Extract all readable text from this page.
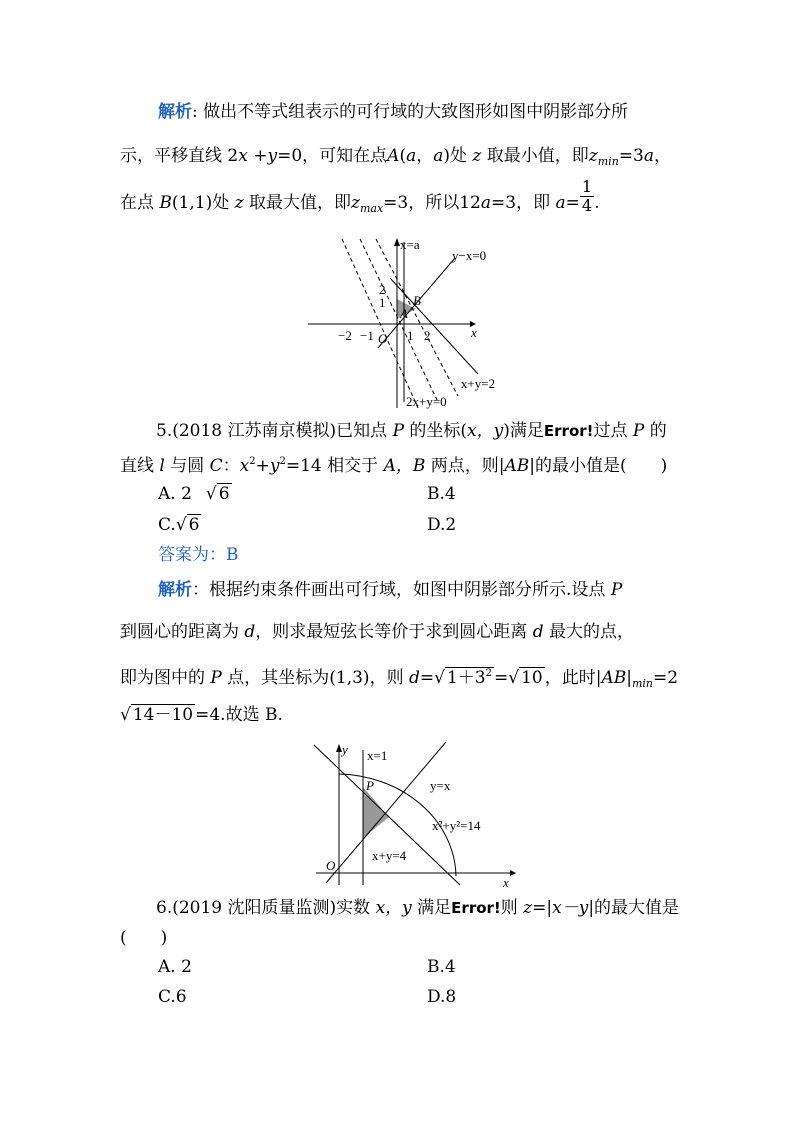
解析: 做出不等式组表示的可行域的大致图形如图中阴影部分所
示，平移直线 2x +y=0，可知在点A(a，a)处 z 取最小值，即$z_{min}=3a$，
在点 B(1,1)处 z 取最大值，即$z_{max}=3$，所以12a=3，即 $a= \frac{1}{4}$ .
x=a
y−x=0
x+y=2
2x+y=0
x
O
A
B
−2 −1	1 2
1
2
5.(2018 江苏南京模拟)已知点 P 的坐标(x，y)满足Error!过点 P 的
直线 l 与圆 C：$x^2+y^2=14$ 相交于 A，B 两点，则|AB|的最小值是(　　)
A. 2 √ 6	B.4
C.√ 6	D.2
答案为：B
解析：根据约束条件画出可行域，如图中阴影部分所示.设点 P
到圆心的距离为 d，则求最短弦长等价于求到圆心距离 d 最大的点，
即为图中的 P 点，其坐标为(1,3)，则 d=√ $1+3^2$ =√ 10 ，此时$|AB|_{min}=2$
√ 14－10 =4.故选 B.
y x=1
P	y=x
x²+y²=14
x+y=4
O
x
6.(2019 沈阳质量监测)实数 x，y 满足Error!则 z=|x－y|的最大值是
(　　)
A. 2	B.4
C.6	D.8
